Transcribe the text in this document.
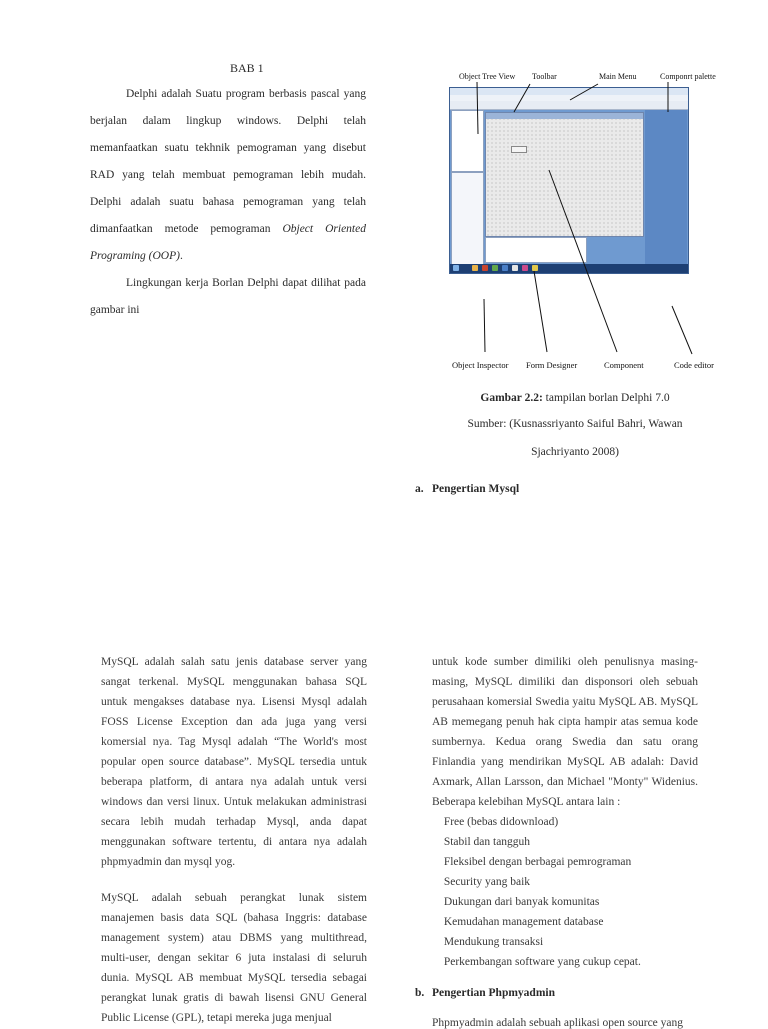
BAB 1
Delphi adalah Suatu program berbasis pascal yang berjalan dalam lingkup windows. Delphi telah memanfaatkan suatu tekhnik pemograman yang disebut RAD yang telah membuat pemograman lebih mudah. Delphi adalah suatu bahasa pemograman yang telah dimanfaatkan metode pemograman Object Oriented Programing (OOP).
Lingkungan kerja Borlan Delphi dapat dilihat pada gambar ini
Object Tree View Toolbar	Main Menu	Componrt palette
Object Inspector Form Designer	Component	Code editor
Gambar 2.2: tampilan borlan Delphi 7.0
Sumber: (Kusnassriyanto Saiful Bahri, Wawan
Sjachriyanto 2008)
a. Pengertian Mysql
MySQL adalah salah satu jenis database server yang sangat terkenal. MySQL menggunakan bahasa SQL untuk mengakses database nya. Lisensi Mysql adalah FOSS License Exception dan ada juga yang versi komersial nya. Tag Mysql adalah “The World's most popular open source database”. MySQL tersedia untuk beberapa platform, di antara nya adalah untuk versi windows dan versi linux. Untuk melakukan administrasi secara lebih mudah terhadap Mysql, anda dapat menggunakan software tertentu, di antara nya adalah phpmyadmin dan mysql yog.
MySQL adalah sebuah perangkat lunak sistem manajemen basis data SQL (bahasa Inggris: database management system) atau DBMS yang multithread, multi-user, dengan sekitar 6 juta instalasi di seluruh dunia. MySQL AB membuat MySQL tersedia sebagai perangkat lunak gratis di bawah lisensi GNU General Public License (GPL), tetapi mereka juga menjual
untuk kode sumber dimiliki oleh penulisnya masing-masing, MySQL dimiliki dan disponsori oleh sebuah perusahaan komersial Swedia yaitu MySQL AB. MySQL AB memegang penuh hak cipta hampir atas semua kode sumbernya. Kedua orang Swedia dan satu orang Finlandia yang mendirikan MySQL AB adalah: David Axmark, Allan Larsson, dan Michael "Monty" Widenius. Beberapa kelebihan MySQL antara lain :
Free (bebas didownload)
Stabil dan tangguh
Fleksibel dengan berbagai pemrograman
Security yang baik
Dukungan dari banyak komunitas
Kemudahan management database
Mendukung transaksi
Perkembangan software yang cukup cepat.
b. Pengertian Phpmyadmin
Phpmyadmin adalah sebuah aplikasi open source yang
